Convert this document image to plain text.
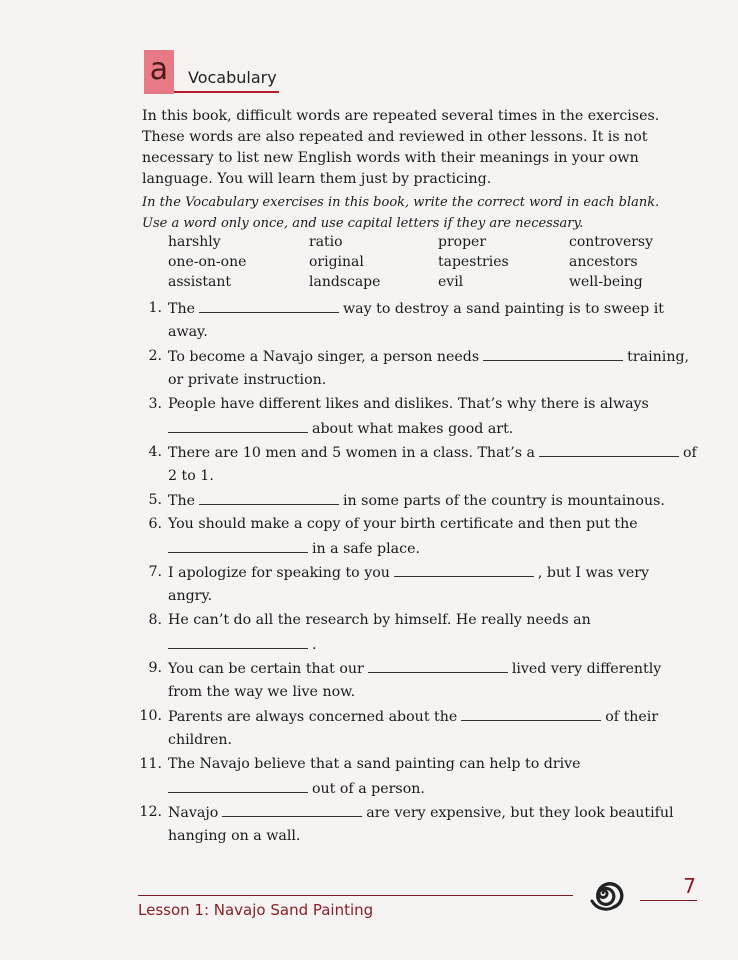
a	Vocabulary

In this book, difficult words are repeated several times in the exercises. These words are also repeated and reviewed in other lessons. It is not necessary to list new English words with their meanings in your own language. You will learn them just by practicing.

In the Vocabulary exercises in this book, write the correct word in each blank. Use a word only once, and use capital letters if they are necessary.

harshly	ratio	proper	controversy
one-on-one	original	tapestries	ancestors
assistant	landscape	evil	well-being
1. The	way to destroy a sand painting is to sweep it
away.
2. To become a Navajo singer, a person needs	training,
or private instruction.
3. People have different likes and dislikes. That’s why there is always
about what makes good art.
4. There are 10 men and 5 women in a class. That’s a	of
2 to 1.
5. The	in some parts of the country is mountainous.
6. You should make a copy of your birth certificate and then put the
in a safe place.
7. I apologize for speaking to you	, but I was very
angry.
8. He can’t do all the research by himself. He really needs an
.
9. You can be certain that our	lived very differently
from the way we live now.
10. Parents are always concerned about the	of their
children.
11. The Navajo believe that a sand painting can help to drive
out of a person.
12. Navajo	are very expensive, but they look beautiful
hanging on a wall.
Lesson 1: Navajo Sand Painting
7
